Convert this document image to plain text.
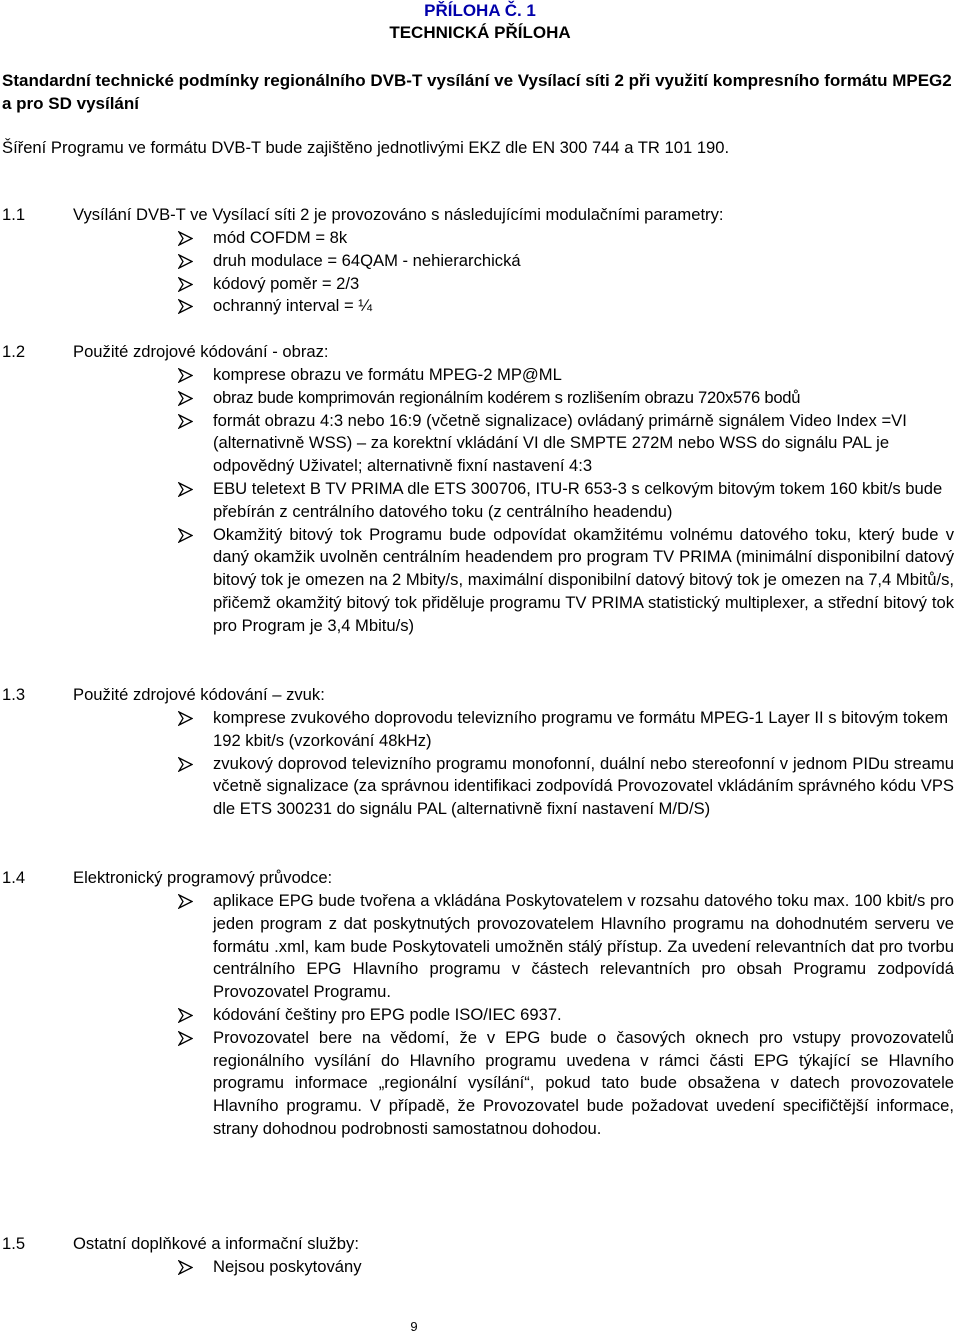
PŘÍLOHA Č. 1
TECHNICKÁ PŘÍLOHA
Standardní technické podmínky regionálního DVB-T vysílání ve Vysílací síti 2 při využití kompresního formátu MPEG2 a pro SD vysílání
Šíření Programu ve formátu DVB-T bude zajištěno jednotlivými EKZ dle EN 300 744 a TR 101 190.
1.1	Vysílání DVB-T ve Vysílací síti 2 je provozováno s následujícími modulačními parametry:
mód COFDM = 8k
druh modulace = 64QAM - nehierarchická
kódový poměr = 2/3
ochranný interval = ¼
1.2	Použité zdrojové kódování - obraz:
komprese obrazu ve formátu MPEG-2 MP@ML
obraz bude komprimován regionálním kodérem s rozlišením obrazu 720x576 bodů
formát obrazu 4:3 nebo 16:9 (včetně signalizace) ovládaný primárně signálem Video Index =VI (alternativně WSS) – za korektní vkládání VI dle SMPTE 272M nebo WSS do signálu PAL je odpovědný Uživatel; alternativně fixní nastavení 4:3
EBU teletext B TV PRIMA dle ETS 300706, ITU-R 653-3 s celkovým bitovým tokem 160 kbit/s bude přebírán z centrálního datového toku (z centrálního headendu)
Okamžitý bitový tok Programu bude odpovídat okamžitému volnému datového toku, který bude v daný okamžik uvolněn centrálním headendem pro program TV PRIMA (minimální disponibilní datový bitový tok je omezen na 2 Mbity/s, maximální disponibilní datový bitový tok je omezen na 7,4 Mbitů/s, přičemž okamžitý bitový tok přiděluje programu TV PRIMA statistický multiplexer, a střední bitový tok pro Program je 3,4 Mbitu/s)
1.3	Použité zdrojové kódování – zvuk:
komprese zvukového doprovodu televizního programu ve formátu MPEG-1 Layer II s bitovým tokem 192 kbit/s (vzorkování 48kHz)
zvukový doprovod televizního programu monofonní, duální nebo stereofonní v jednom PIDu streamu včetně signalizace (za správnou identifikaci zodpovídá Provozovatel vkládáním správného kódu VPS dle ETS 300231 do signálu PAL (alternativně fixní nastavení M/D/S)
1.4	Elektronický programový průvodce:
aplikace EPG bude tvořena a vkládána Poskytovatelem v rozsahu datového toku max. 100 kbit/s pro jeden program z dat poskytnutých provozovatelem Hlavního programu na dohodnutém serveru ve formátu .xml, kam bude Poskytovateli umožněn stálý přístup. Za uvedení relevantních dat pro tvorbu centrálního EPG Hlavního programu v částech relevantních pro obsah Programu zodpovídá Provozovatel Programu.
kódování češtiny pro EPG podle ISO/IEC 6937.
Provozovatel bere na vědomí, že v EPG bude o časových oknech pro vstupy provozovatelů regionálního vysílání do Hlavního programu uvedena v rámci části EPG týkající se Hlavního programu informace „regionální vysílání“, pokud tato bude obsažena v datech provozovatele Hlavního programu. V případě, že Provozovatel bude požadovat uvedení specifičtější informace, strany dohodnou podrobnosti samostatnou dohodou.
1.5	Ostatní doplňkové a informační služby:
Nejsou poskytovány
9
